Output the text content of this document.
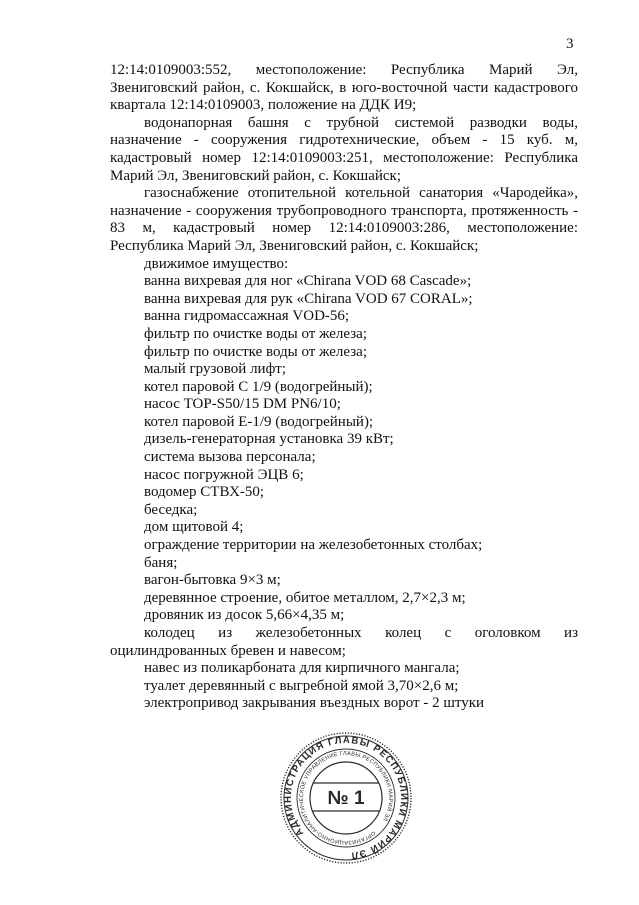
3

12:14:0109003:552, местоположение: Республика Марий Эл, Звениговский район, с. Кокшайск, в юго-восточной части кадастрового квартала 12:14:0109003, положение на ДДК И9;

водонапорная башня с трубной системой разводки воды, назначение - сооружения гидротехнические, объем - 15 куб. м, кадастровый номер 12:14:0109003:251, местоположение: Республика Марий Эл, Звениговский район, с. Кокшайск;

газоснабжение отопительной котельной санатория «Чародейка», назначение - сооружения трубопроводного транспорта, протяженность - 83 м, кадастровый номер 12:14:0109003:286, местоположение: Республика Марий Эл, Звениговский район, с. Кокшайск;

движимое имущество:
ванна вихревая для ног «Chirana VOD 68 Cascade»;
ванна вихревая для рук «Chirana VOD 67 CORAL»;
ванна гидромассажная VOD-56;
фильтр по очистке воды от железа;
фильтр по очистке воды от железа;
малый грузовой лифт;
котел паровой С 1/9 (водогрейный);
насос TOP-S50/15 DM PN6/10;
котел паровой Е-1/9 (водогрейный);
дизель-генераторная установка 39 кВт;
система вызова персонала;
насос погружной ЭЦВ 6;
водомер СТВХ-50;
беседка;
дом щитовой 4;
ограждение территории на железобетонных столбах;
баня;
вагон-бытовка 9×3 м;
деревянное строение, обитое металлом, 2,7×2,3 м;
дровяник из досок 5,66×4,35 м;

колодец из железобетонных колец с оголовком из оцилиндрованных бревен и навесом;

навес из поликарбоната для кирпичного мангала;
туалет деревянный с выгребной ямой 3,70×2,6 м;
электропривод закрывания въездных ворот - 2 штуки
АДМИНИСТРАЦИЯ ГЛАВЫ РЕСПУБЛИКИ МАРИЙ ЭЛ
ОРГАНИЗАЦИОННО-АНАЛИТИЧЕСКОЕ УПРАВЛЕНИЕ ГЛАВЫ РЕСПУБЛИКИ МАРИЙ ЭЛ
№ 1
